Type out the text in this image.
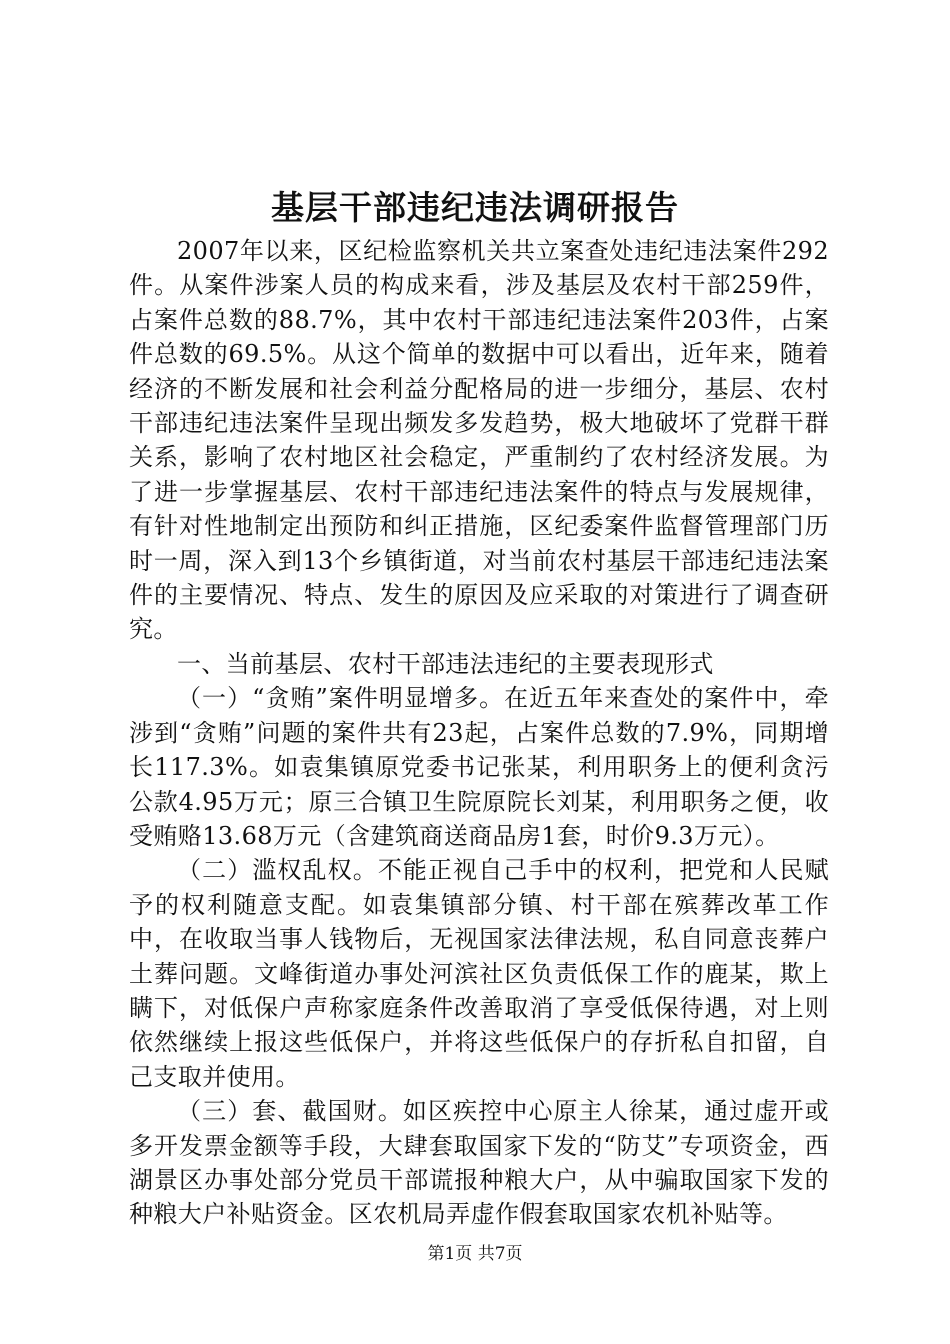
基层干部违纪违法调研报告

2007年以来，区纪检监察机关共立案查处违纪违法案件292件。从案件涉案人员的构成来看，涉及基层及农村干部259件，占案件总数的88.7%，其中农村干部违纪违法案件203件，占案件总数的69.5%。从这个简单的数据中可以看出，近年来，随着经济的不断发展和社会利益分配格局的进一步细分，基层、农村干部违纪违法案件呈现出频发多发趋势，极大地破坏了党群干群关系，影响了农村地区社会稳定，严重制约了农村经济发展。为了进一步掌握基层、农村干部违纪违法案件的特点与发展规律，有针对性地制定出预防和纠正措施，区纪委案件监督管理部门历时一周，深入到13个乡镇街道，对当前农村基层干部违纪违法案件的主要情况、特点、发生的原因及应采取的对策进行了调查研究。

一、当前基层、农村干部违法违纪的主要表现形式

（一）“贪贿”案件明显增多。在近五年来查处的案件中，牵涉到“贪贿”问题的案件共有23起，占案件总数的7.9%，同期增长117.3%。如袁集镇原党委书记张某，利用职务上的便利贪污公款4.95万元；原三合镇卫生院原院长刘某，利用职务之便，收受贿赂13.68万元（含建筑商送商品房1套，时价9.3万元）。

（二）滥权乱权。不能正视自己手中的权利，把党和人民赋予的权利随意支配。如袁集镇部分镇、村干部在殡葬改革工作中，在收取当事人钱物后，无视国家法律法规，私自同意丧葬户土葬问题。文峰街道办事处河滨社区负责低保工作的鹿某，欺上瞒下，对低保户声称家庭条件改善取消了享受低保待遇，对上则依然继续上报这些低保户，并将这些低保户的存折私自扣留，自己支取并使用。

（三）套、截国财。如区疾控中心原主人徐某，通过虚开或多开发票金额等手段，大肆套取国家下发的“防艾”专项资金，西湖景区办事处部分党员干部谎报种粮大户，从中骗取国家下发的种粮大户补贴资金。区农机局弄虚作假套取国家农机补贴等。

第1页 共7页
